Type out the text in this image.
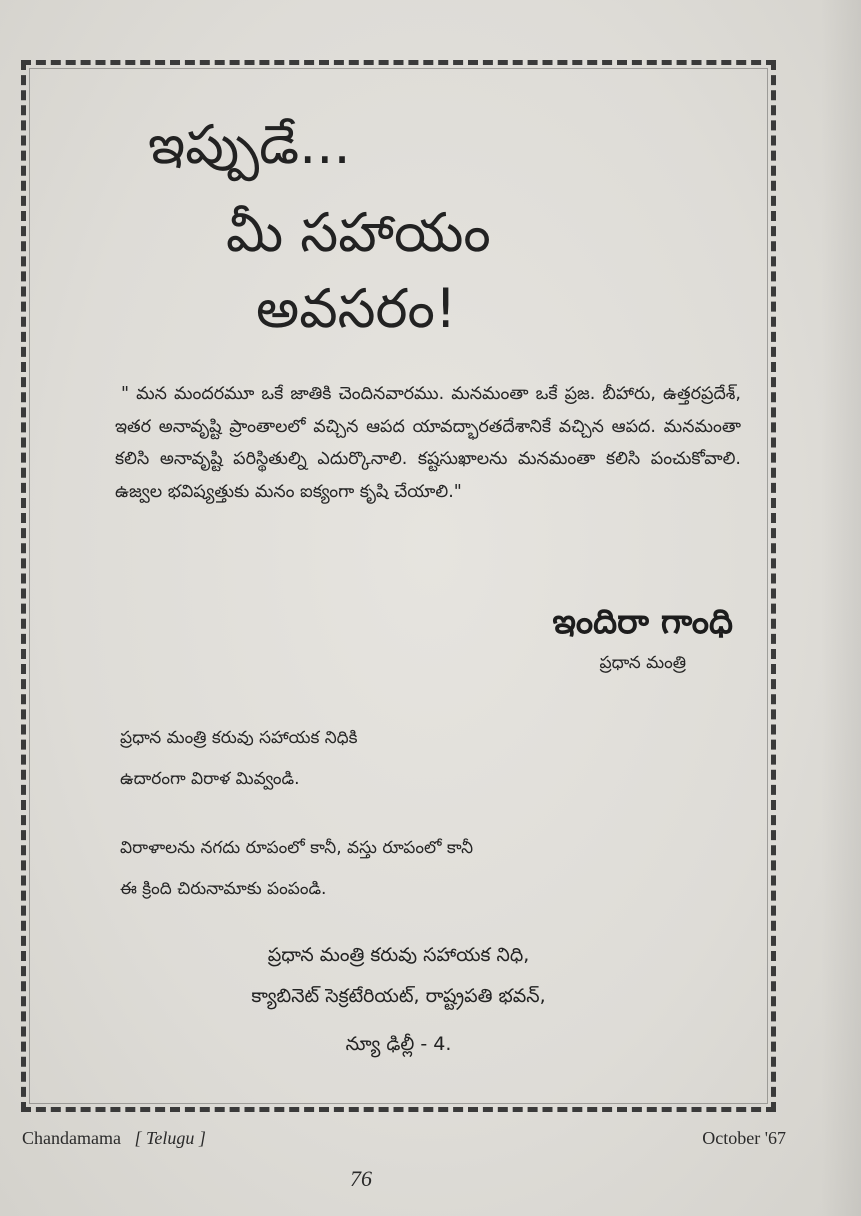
ఇప్పుడే...
మీ సహాయం
అవసరం!
" మన మందరమూ ఒకే జాతికి చెందినవారము. మనమంతా ఒకే ప్రజ. బీహారు, ఉత్తరప్రదేశ్, ఇతర అనావృష్టి ప్రాంతాలలో వచ్చిన ఆపద యావద్భారతదేశానికే వచ్చిన ఆపద. మనమంతా కలిసి అనావృష్టి పరిస్థితుల్ని ఎదుర్కొనాలి. కష్టసుఖాలను మనమంతా కలిసి పంచుకోవాలి. ఉజ్వల భవిష్యత్తుకు మనం ఐక్యంగా కృషి చేయాలి."
ఇందిరా గాంధి
ప్రధాన మంత్రి
ప్రధాన మంత్రి కరువు సహాయక నిధికి
ఉదారంగా విరాళ మివ్వండి.
విరాళాలను నగదు రూపంలో కానీ, వస్తు రూపంలో కానీ
ఈ క్రింది చిరునామాకు పంపండి.
ప్రధాన మంత్రి కరువు సహాయక నిధి,
క్యాబినెట్ సెక్రటేరియట్, రాష్ట్రపతి భవన్,
న్యూ ఢిల్లీ - 4.
Chandamama [ Telugu ]	October '67
76
